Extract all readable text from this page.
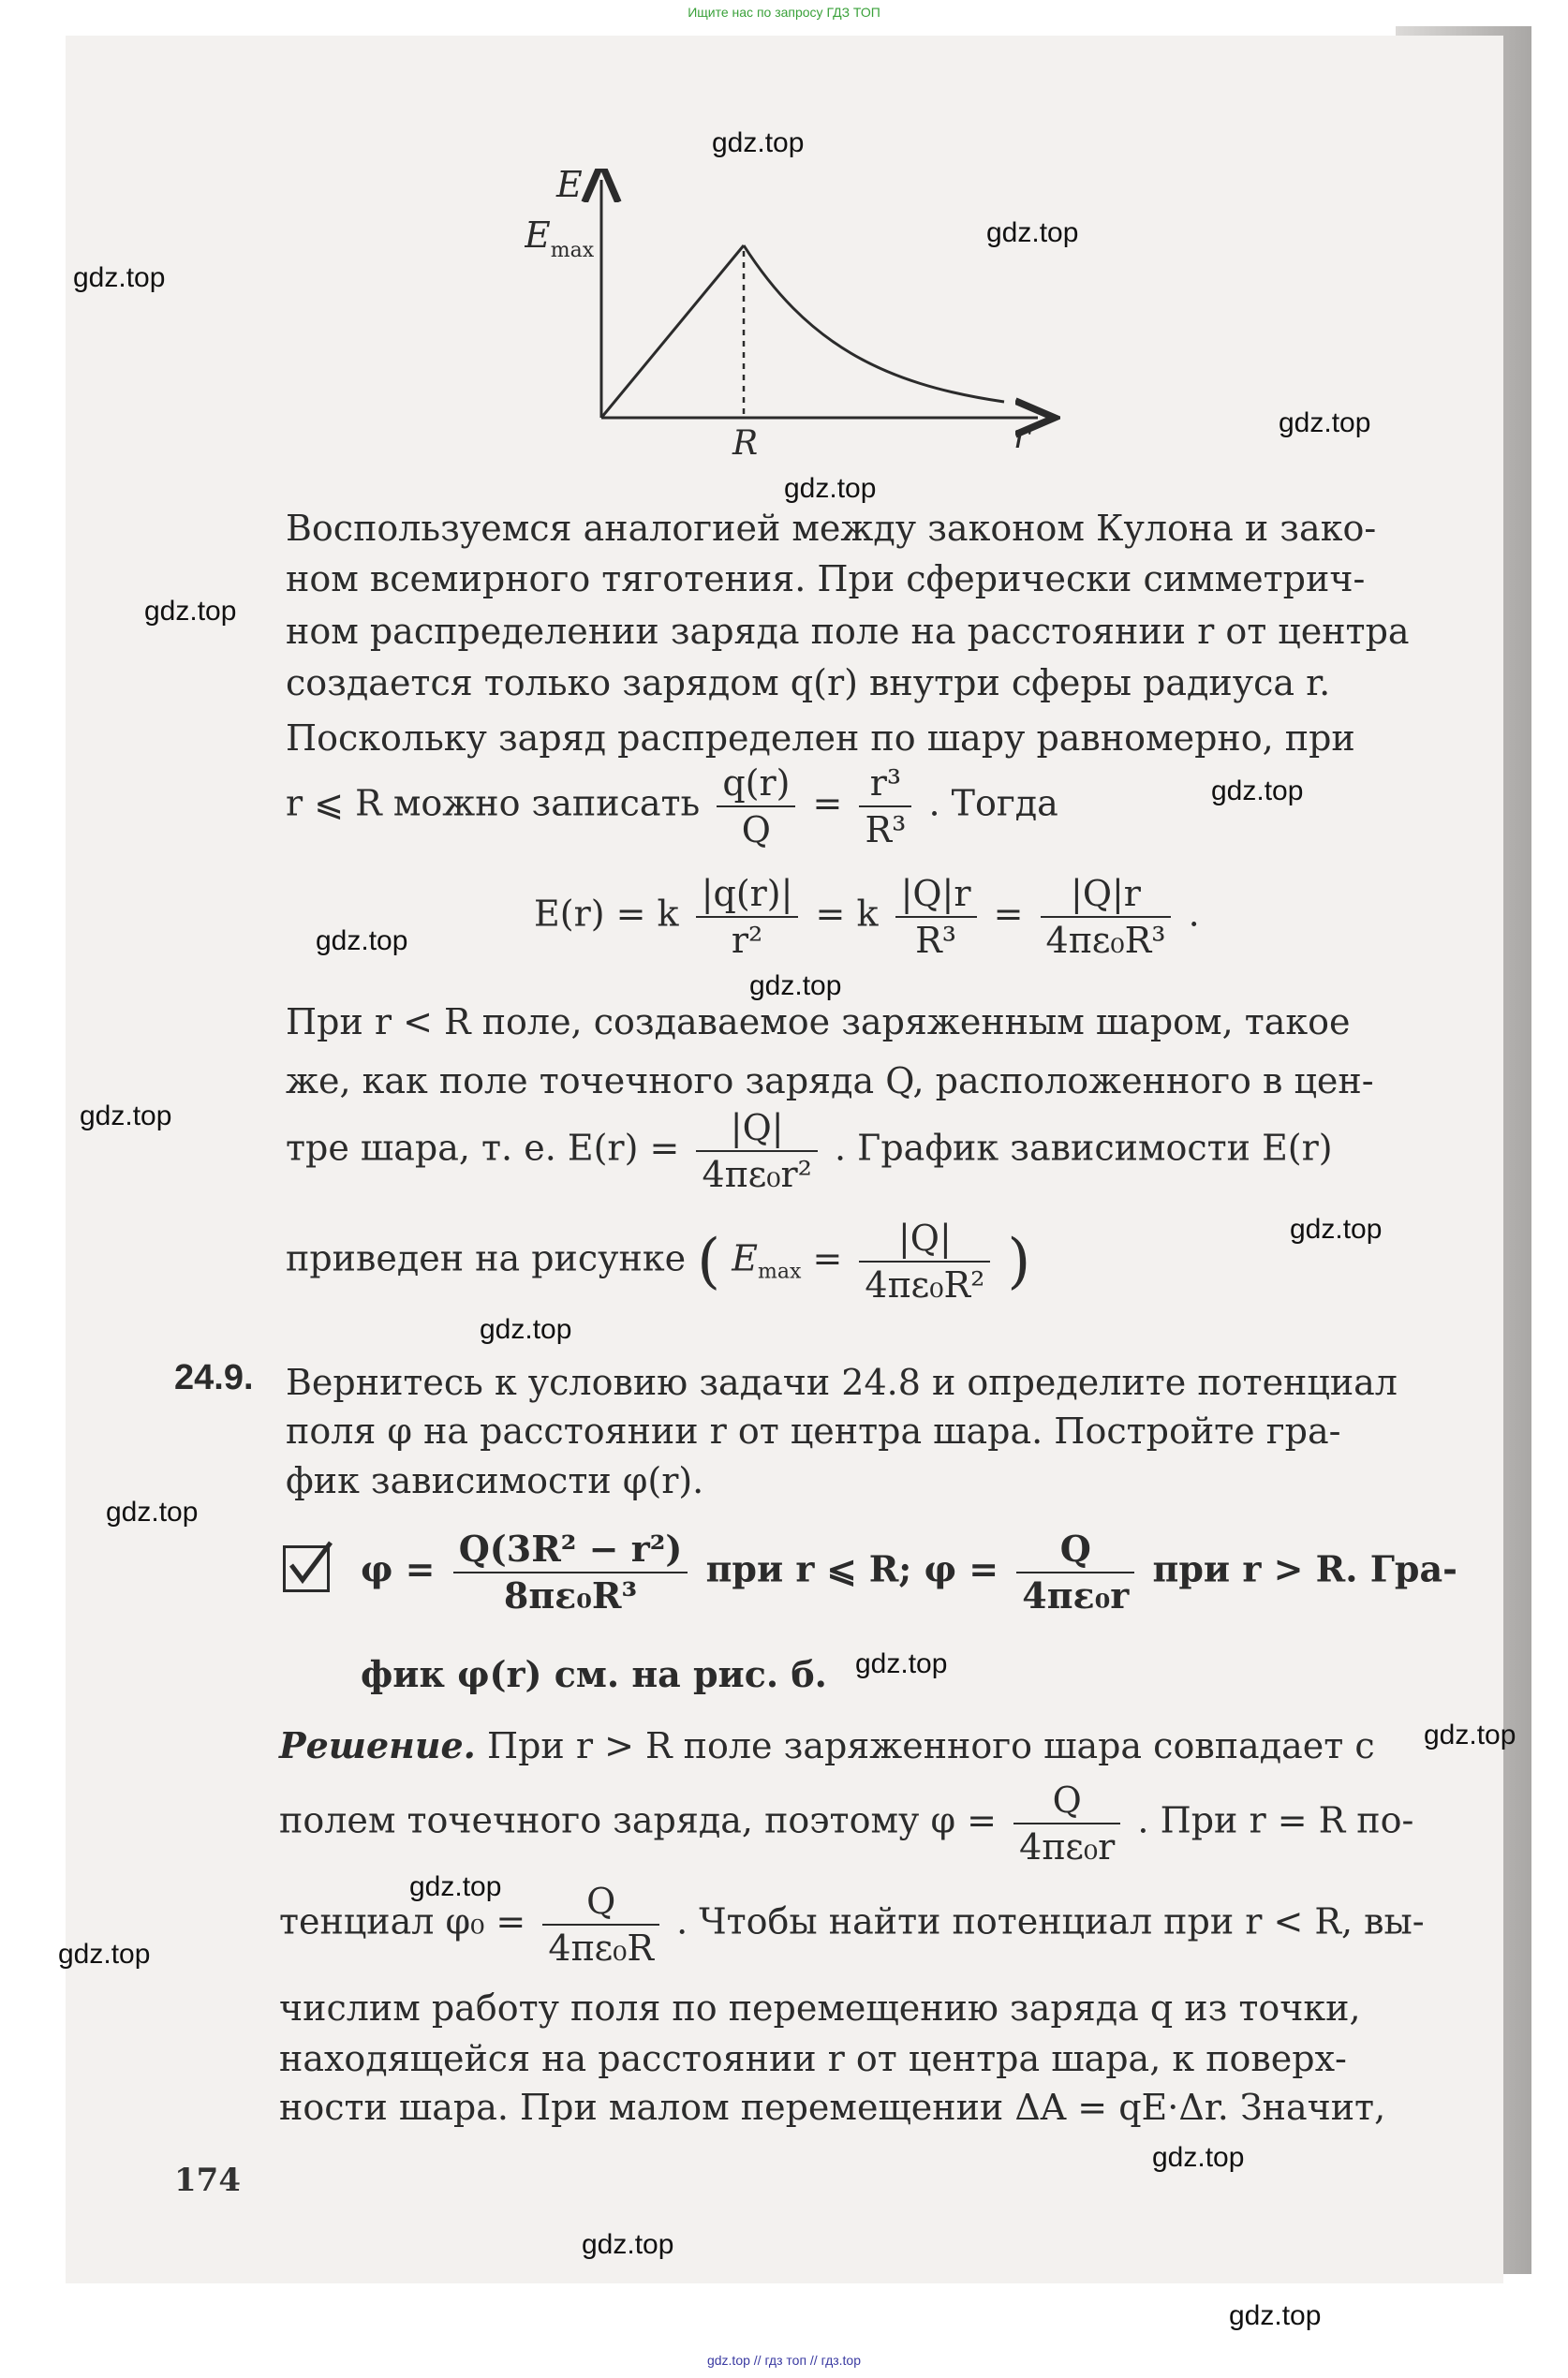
Ищите нас по запросу ГДЗ ТОП
E
$E_{max}$
R	r
Воспользуемся аналогией между законом Кулона и зако-
ном всемирного тяготения. При сферически симметрич-
ном распределении заряда поле на расстоянии r от центра
создается только зарядом q(r) внутри сферы радиуса r.
Поскольку заряд распределен по шару равномерно, при
r ⩽ R можно записать $\frac{q(r)}{Q} = \frac{\text{r³}}{\text{R³}}$ . Тогда
E(r) = k $\frac{|q(r)|}{\text{r²}} = k \frac{|Q|r}{\text{R³}} = \frac{|Q|r}{\text{4πε₀R³}}$ .
При r < R поле, создаваемое заряженным шаром, такое
же, как поле точечного заряда Q, расположенного в цен-
тре шара, т. е. $E(r) = \frac{|Q|}{\text{4πε₀r²}}$ . График зависимости E(r)
приведен на рисунке ( $E_{max} = \frac{|Q|}{\text{4πε₀R²}}$ )
24.9. Вернитесь к условию задачи 24.8 и определите потенциал
поля φ на расстоянии r от центра шара. Постройте гра-
фик зависимости φ(r).
$\varphi = \frac{\text{Q(3R² − r²)}}{\text{8πε₀R³}}$ при r ⩽ R; $\varphi = \frac{Q}{\text{4πε₀r}}$ при r > R. Гра-
фик φ(r) см. на рис. б.
Решение. При r > R поле заряженного шара совпадает с
полем точечного заряда, поэтому $\varphi = \frac{Q}{\text{4πε₀r}}$ . При r = R по-
тенциал $\varphi_0 = \frac{Q}{\text{4πε₀R}}$ . Чтобы найти потенциал при r < R, вы-
числим работу поля по перемещению заряда q из точки,
находящейся на расстоянии r от центра шара, к поверх-
ности шара. При малом перемещении ΔA = qE·Δr. Значит,
174
gdz.top
gdz.top
gdz.top
gdz.top
gdz.top
gdz.top
gdz.top
gdz.top
gdz.top
gdz.top
gdz.top
gdz.top
gdz.top
gdz.top
gdz.top
gdz.top
gdz.top
gdz.top
gdz.top
gdz.top
gdz.top // гдз топ // гдз.top
